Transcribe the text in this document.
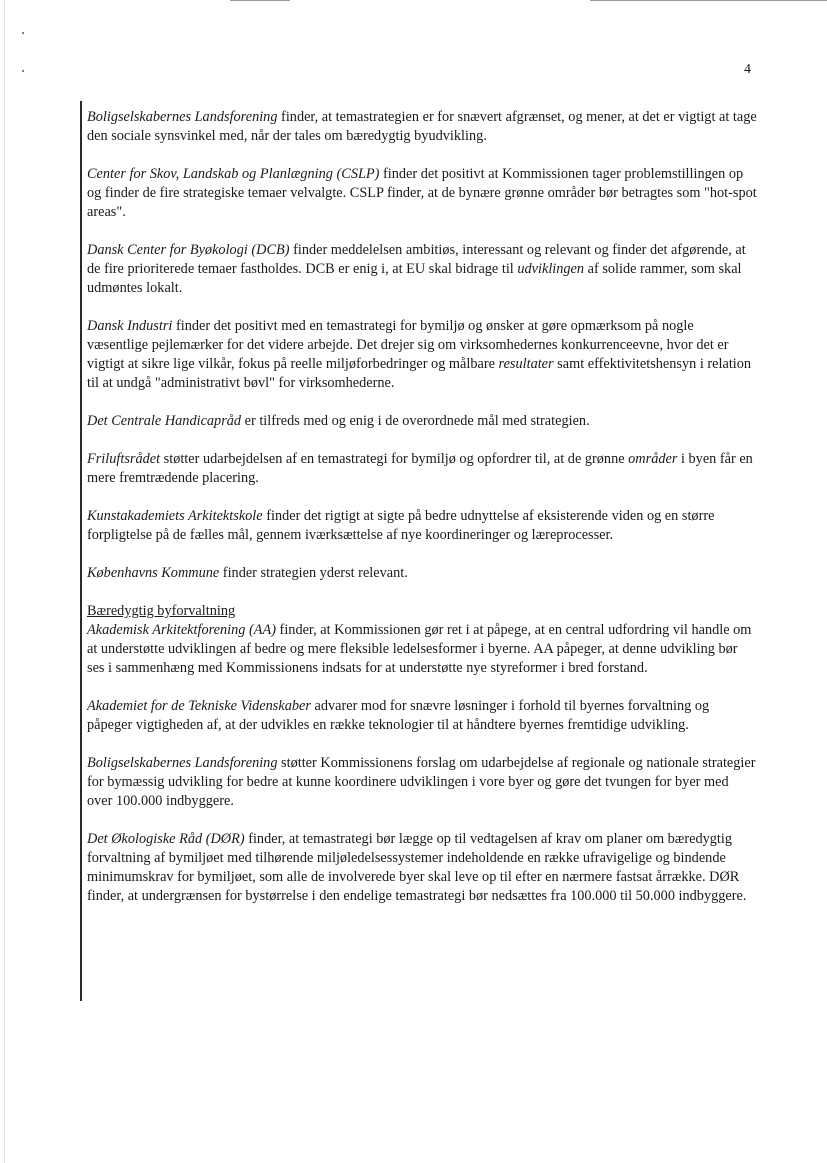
4

Boligselskabernes Landsforening finder, at temastrategien er for snævert afgrænset, og mener, at det er vigtigt at tage den sociale synsvinkel med, når der tales om bæredygtig byudvikling.

Center for Skov, Landskab og Planlægning (CSLP) finder det positivt at Kommissionen tager problemstillingen op og finder de fire strategiske temaer velvalgte. CSLP finder, at de bynære grønne områder bør betragtes som "hot-spot areas".

Dansk Center for Byøkologi (DCB) finder meddelelsen ambitiøs, interessant og relevant og finder det afgørende, at de fire prioriterede temaer fastholdes. DCB er enig i, at EU skal bidrage til udviklingen af solide rammer, som skal udmøntes lokalt.

Dansk Industri finder det positivt med en temastrategi for bymiljø og ønsker at gøre opmærksom på nogle væsentlige pejlemærker for det videre arbejde. Det drejer sig om virksomhedernes konkurrenceevne, hvor det er vigtigt at sikre lige vilkår, fokus på reelle miljøforbedringer og målbare resultater samt effektivitetshensyn i relation til at undgå "administrativt bøvl" for virksomhederne.

Det Centrale Handicapråd er tilfreds med og enig i de overordnede mål med strategien.

Friluftsrådet støtter udarbejdelsen af en temastrategi for bymiljø og opfordrer til, at de grønne områder i byen får en mere fremtrædende placering.

Kunstakademiets Arkitektskole finder det rigtigt at sigte på bedre udnyttelse af eksisterende viden og en større forpligtelse på de fælles mål, gennem iværksættelse af nye koordineringer og læreprocesser.

Københavns Kommune finder strategien yderst relevant.

Bæredygtig byforvaltning

Akademisk Arkitektforening (AA) finder, at Kommissionen gør ret i at påpege, at en central udfordring vil handle om at understøtte udviklingen af bedre og mere fleksible ledelsesformer i byerne. AA påpeger, at denne udvikling bør ses i sammenhæng med Kommissionens indsats for at understøtte nye styreformer i bred forstand.

Akademiet for de Tekniske Videnskaber advarer mod for snævre løsninger i forhold til byernes forvaltning og påpeger vigtigheden af, at der udvikles en række teknologier til at håndtere byernes fremtidige udvikling.

Boligselskabernes Landsforening støtter Kommissionens forslag om udarbejdelse af regionale og nationale strategier for bymæssig udvikling for bedre at kunne koordinere udviklingen i vore byer og gøre det tvungen for byer med over 100.000 indbyggere.

Det Økologiske Råd (DØR) finder, at temastrategi bør lægge op til vedtagelsen af krav om planer om bæredygtig forvaltning af bymiljøet med tilhørende miljøledelsessystemer indeholdende en række ufravigelige og bindende minimumskrav for bymiljøet, som alle de involverede byer skal leve op til efter en nærmere fastsat årrække. DØR finder, at undergrænsen for bystørrelse i den endelige temastrategi bør nedsættes fra 100.000 til 50.000 indbyggere.
